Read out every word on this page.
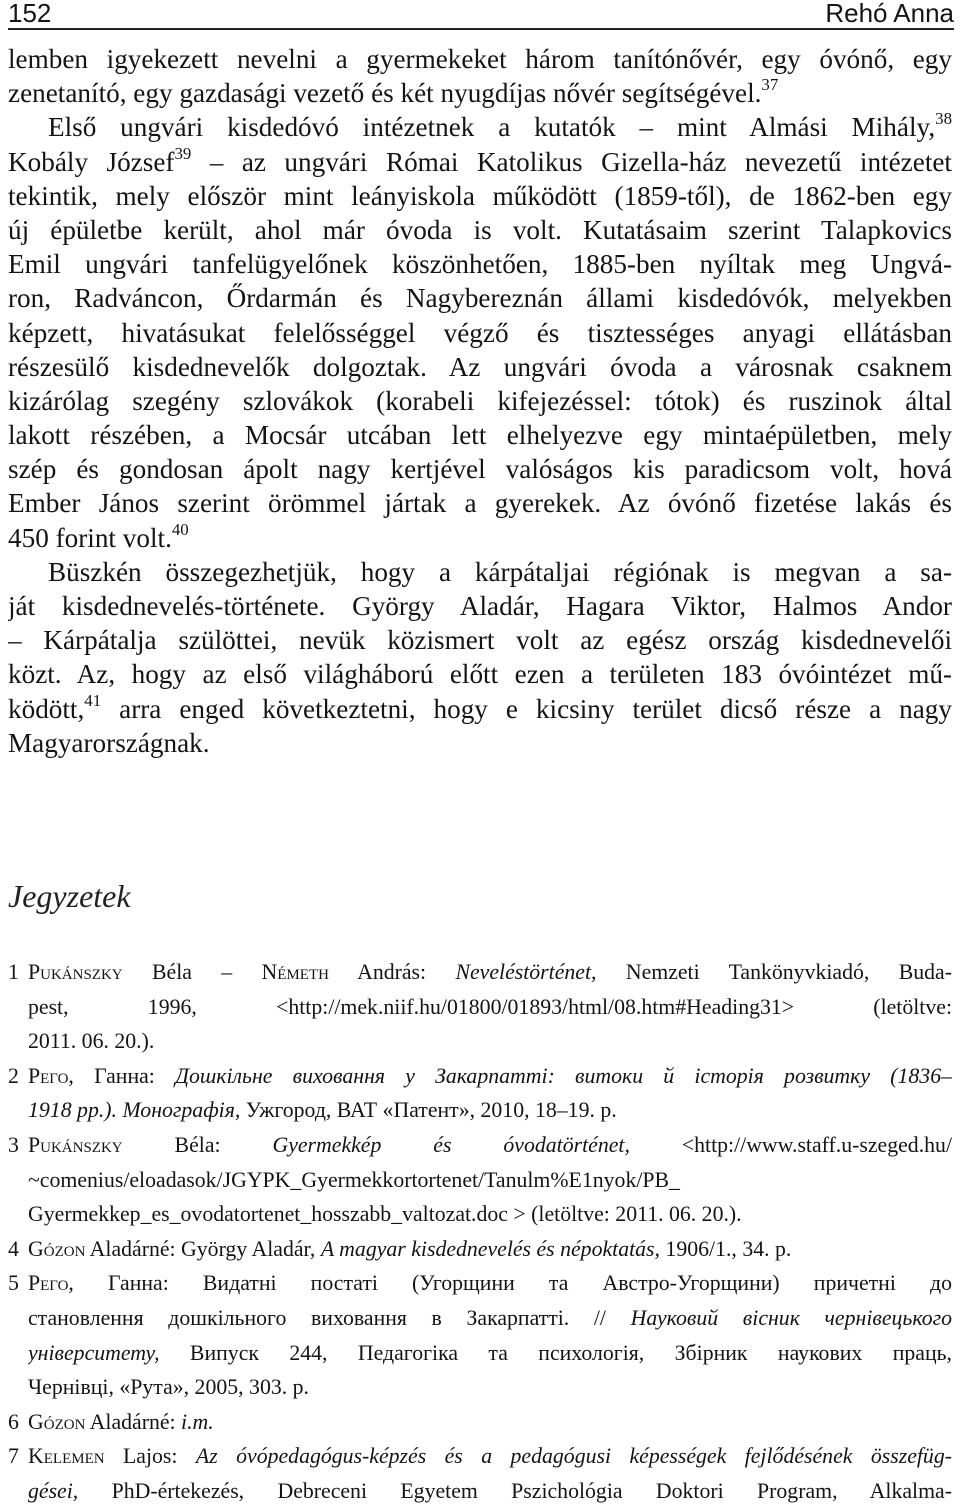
152	Rehó Anna
lembe⁠n igyekezett nevelni a gyermekeket három tanítónővér, egy óvónő, egy
zenetanító, egy gazdasági vezető és két nyugdíjas nővér segítségével.$^{37}$
Első ungvári kisdedóvó intézetnek a kutatók – mint Almási Mihály,$^{38}$
Kobály József$^{39}$ – az ungvári Római Katolikus Gizella-ház nevezetű intézetet
tekintik, mely először mint leányiskola működött (1859-től), de 1862-ben egy
új épületbe került, ahol már óvoda is volt. Kutatásaim szerint Talapkovics
Emil ungvári tanfelügyelőnek köszönhetően, 1885-ben nyíltak meg Ungvá-
ron, Radváncon, Őrdarmán és Nagybereznán állami kisdedóvók, melyekben
képzett, hivatásukat felelősséggel végző és tisztességes anyagi ellátásban
részesülő kisdednevelők dolgoztak. Az ungvári óvoda a városnak csaknem
kizárólag szegény szlovákok (korabeli kifejezéssel: tótok) és ruszinok által
lakott részében, a Mocsár utcában lett elhelyezve egy mintaépületben, mely
szép és gondosan ápolt nagy kertjével valóságos kis paradicsom volt, hová
Ember János szerint örömmel jártak a gyerekek. Az óvónő fizetése lakás és
450 forint volt.$^{40}$
Büszkén összegezhetjük, hogy a kárpátaljai régiónak is megvan a sa-
ját kisdednevelés-története. György Aladár, Hagara Viktor, Halmos Andor
– Kárpátalja szülöttei, nevük közismert volt az egész ország kisdednevelői
közt. Az, hogy az első világháború előtt ezen a területen 183 óvóintézet mű-
ködött,$^{41}$ arra enged következtetni, hogy e kicsiny terület dicső része a nagy
Magyarországnak.
Jegyzetek
1 Pukánszky Béla – Németh András: Neveléstörténet, Nemzeti Tankönyvkiadó, Buda-
pest, 1996, <http://mek.niif.hu/01800/01893/html/08.htm#Heading31> (letöltve:
2011. 06. 20.).
2 Рего, Ганна: Дошкільне виховання у Закарпатті: витоки й історія розвитку (1836–
1918 рр.). Монографія, Ужгород, ВАТ «Патент», 2010, 18–19. р.
3 Pukánszky Béla: Gyermekkép és óvodatörténet, <http://www.staff.u-szeged.hu/
~comenius/eloadasok/JGYPK_Gyermekkortortenet/Tanulm%E1nyok/PB_
Gyermekkep_es_ovodatortenet_hosszabb_valtozat.doc > (letöltve: 2011. 06. 20.).
4 Gózon Aladárné: György Aladár, A magyar kisdednevelés és népoktatás, 1906/1., 34. p.
5 Рего, Ганна: Видатні постаті (Угорщини та Австро-Угорщини) причетні до
становлення дошкільного виховання в Закарпатті. // Науковий вісник чернівецького
університету, Випуск 244, Педагогіка та психологія, Збірник наукових праць,
Чернівці, «Рута», 2005, 303. р.
6 Gózon Aladárné: i.m.
7 Kelemen Lajos: Az óvópedagógus-képzés és a pedagógusi képességek fejlődésének összefüg-
gései, PhD-értekezés, Debreceni Egyetem Pszichológia Doktori Program, Alkalma-
